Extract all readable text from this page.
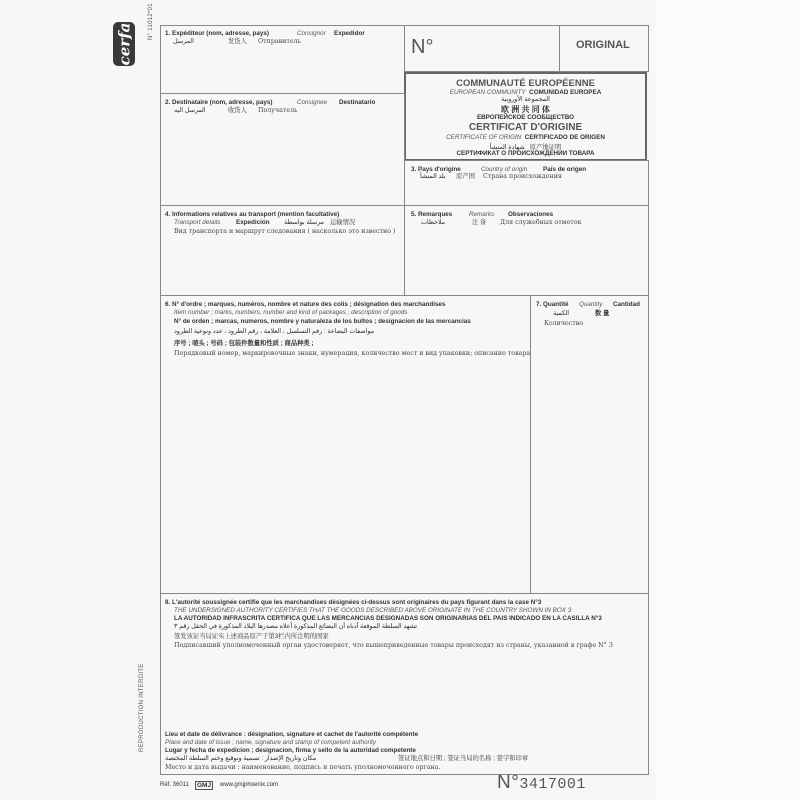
cerfa
N° 11012*01
REPRODUCTION INTERDITE
‘
1. Expéditeur (nom, adresse, pays)	Consignor Expedidor
المرسل	发货人 Отправитель	N°	ORIGINAL
COMMUNAUTÉ EUROPÉENNE
EUROPEAN COMMUNITY COMUNIDAD EUROPEA
المجموعة الأوروبية
欧 洲 共 同 体
ЕВРОПЕЙСКОЕ СООБЩЕСТВО
CERTIFICAT D'ORIGINE
CERTIFICATE OF ORIGIN CERTIFICADO DE ORIGEN
شهادة المنشأ 原产地证明
СЕРТИФИКАТ О ПРОИСХОЖДЕНИИ ТОВАРА
2. Destinataire (nom, adresse, pays)	Consignee Destinatario
المرسل اليه	收货人 Получатель
3. Pays d'origine	Country of origin	País de origen
بلد المنشأ 原产国 Страна происхождения
4. Informations relatives au transport (mention facultative)
Transport details Expedición مرسلة بواسطة 运输情况
Вид транспорта и маршрут следования ( насколько это известно )
5. Remarques	Remarks Observaciones
ملاحظات	注 备 Для служебных отметок
6. N° d'ordre ; marques, numéros, nombre et nature des colis ; désignation des marchandises
Item number ; marks, numbers, number and kind of packages ; description of goods
N° de orden ; marcas, numeros, nombre y naturaleza de los bultos ; designacion de las mercancias
مواصفات البضاعة : رقم التسلسل ، العلامة ، رقم الطرود ، عدد ونوعية الطرود
序号 ; 唛头 ; 号码 ; 包装件数量和性质 ; 商品种类 ;
Порядковый номер, маркировочные знаки, нумерация, количество мест и вид упаковки; описание товара
7. Quantité Quantity Cantidad
الكمية	数 量
Количество
8. L'autorité soussignée certifie que les marchandises désignées ci-dessus sont originaires du pays figurant dans la case N°3
THE UNDERSIGNED AUTHORITY CERTIFIES THAT THE GOODS DESCRIBED ABOVE ORIGINATE IN THE COUNTRY SHOWN IN BOX 3
LA AUTORIDAD INFRASCRITA CERTIFICA QUE LAS MERCANCIAS DESIGNADAS SON ORIGINARIAS DEL PAIS INDICADO EN LA CASILLA N°3
تشهد السلطة الموقعة أدناه أن البضائع المذكورة أعلاه مصدرها البلاد المذكورة في الحقل رقم ٣
签发该证当局证实上述商品原产于第3栏内所注明的国家
Подписавший уполномоченный орган удостоверяет, что вышеприведенные товары происходят из страны, указанной в графе N° 3
Lieu et date de délivrance : désignation, signature et cachet de l'autorité compétente
Place and date of issue ; name, signature and stamp of competent authority
Lugar y fecha de expedicion ; designacion, firma y sello de la autoridad competente
مكان وتاريخ الإصدار : تسمية وتوقيع وختم السلطة المختصة	签证地点和日期 ; 签证当局的名称 ; 签字和印章
Место и дата выдачи : наименование, подпись и печать уполномоченного органа.
Réf. 36011	GMJ	www.gmjphoenix.com	N°3417001
